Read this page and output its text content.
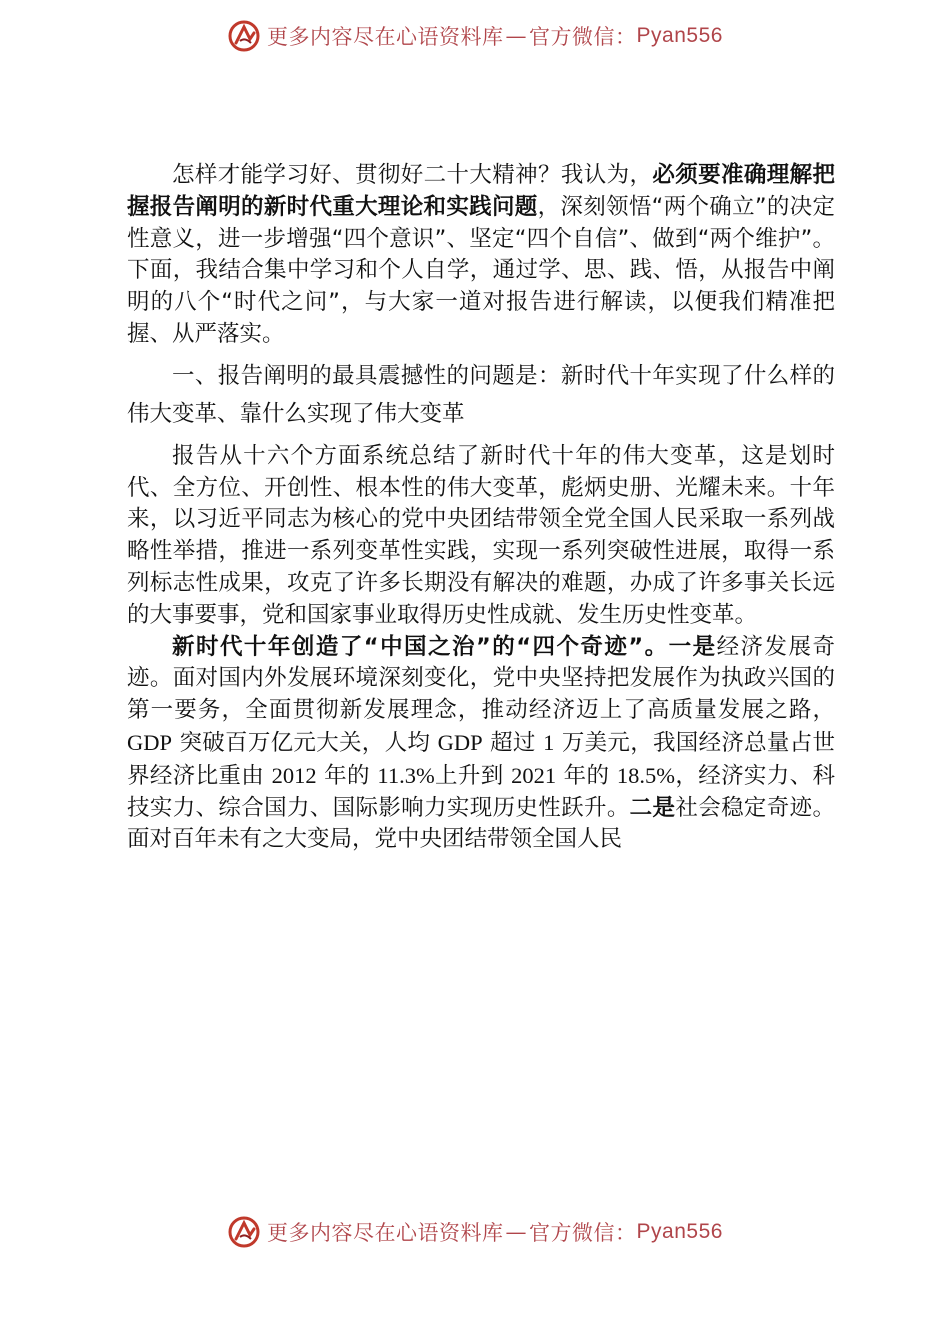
更多内容尽在心语资料库 — 官方微信： Pyan556

怎样才能学习好、贯彻好二十大精神？我认为，必须要准确理解把握报告阐明的新时代重大理论和实践问题，深刻领悟“两个确立”的决定性意义，进一步增强“四个意识”、坚定“四个自信”、做到“两个维护”。下面，我结合集中学习和个人自学，通过学、思、践、悟，从报告中阐明的八个“时代之问”，与大家一道对报告进行解读，以便我们精准把握、从严落实。

一、报告阐明的最具震撼性的问题是：新时代十年实现了什么样的伟大变革、靠什么实现了伟大变革

报告从十六个方面系统总结了新时代十年的伟大变革，这是划时代、全方位、开创性、根本性的伟大变革，彪炳史册、光耀未来。十年来，以习近平同志为核心的党中央团结带领全党全国人民采取一系列战略性举措，推进一系列变革性实践，实现一系列突破性进展，取得一系列标志性成果，攻克了许多长期没有解决的难题，办成了许多事关长远的大事要事，党和国家事业取得历史性成就、发生历史性变革。

新时代十年创造了“中国之治”的“四个奇迹”。一是经济发展奇迹。面对国内外发展环境深刻变化，党中央坚持把发展作为执政兴国的第一要务，全面贯彻新发展理念，推动经济迈上了高质量发展之路，GDP 突破百万亿元大关，人均 GDP 超过 1 万美元，我国经济总量占世界经济比重由 2012 年的 11.3%上升到 2021 年的 18.5%，经济实力、科技实力、综合国力、国际影响力实现历史性跃升。二是社会稳定奇迹。面对百年未有之大变局，党中央团结带领全国人民

更多内容尽在心语资料库 — 官方微信： Pyan556
